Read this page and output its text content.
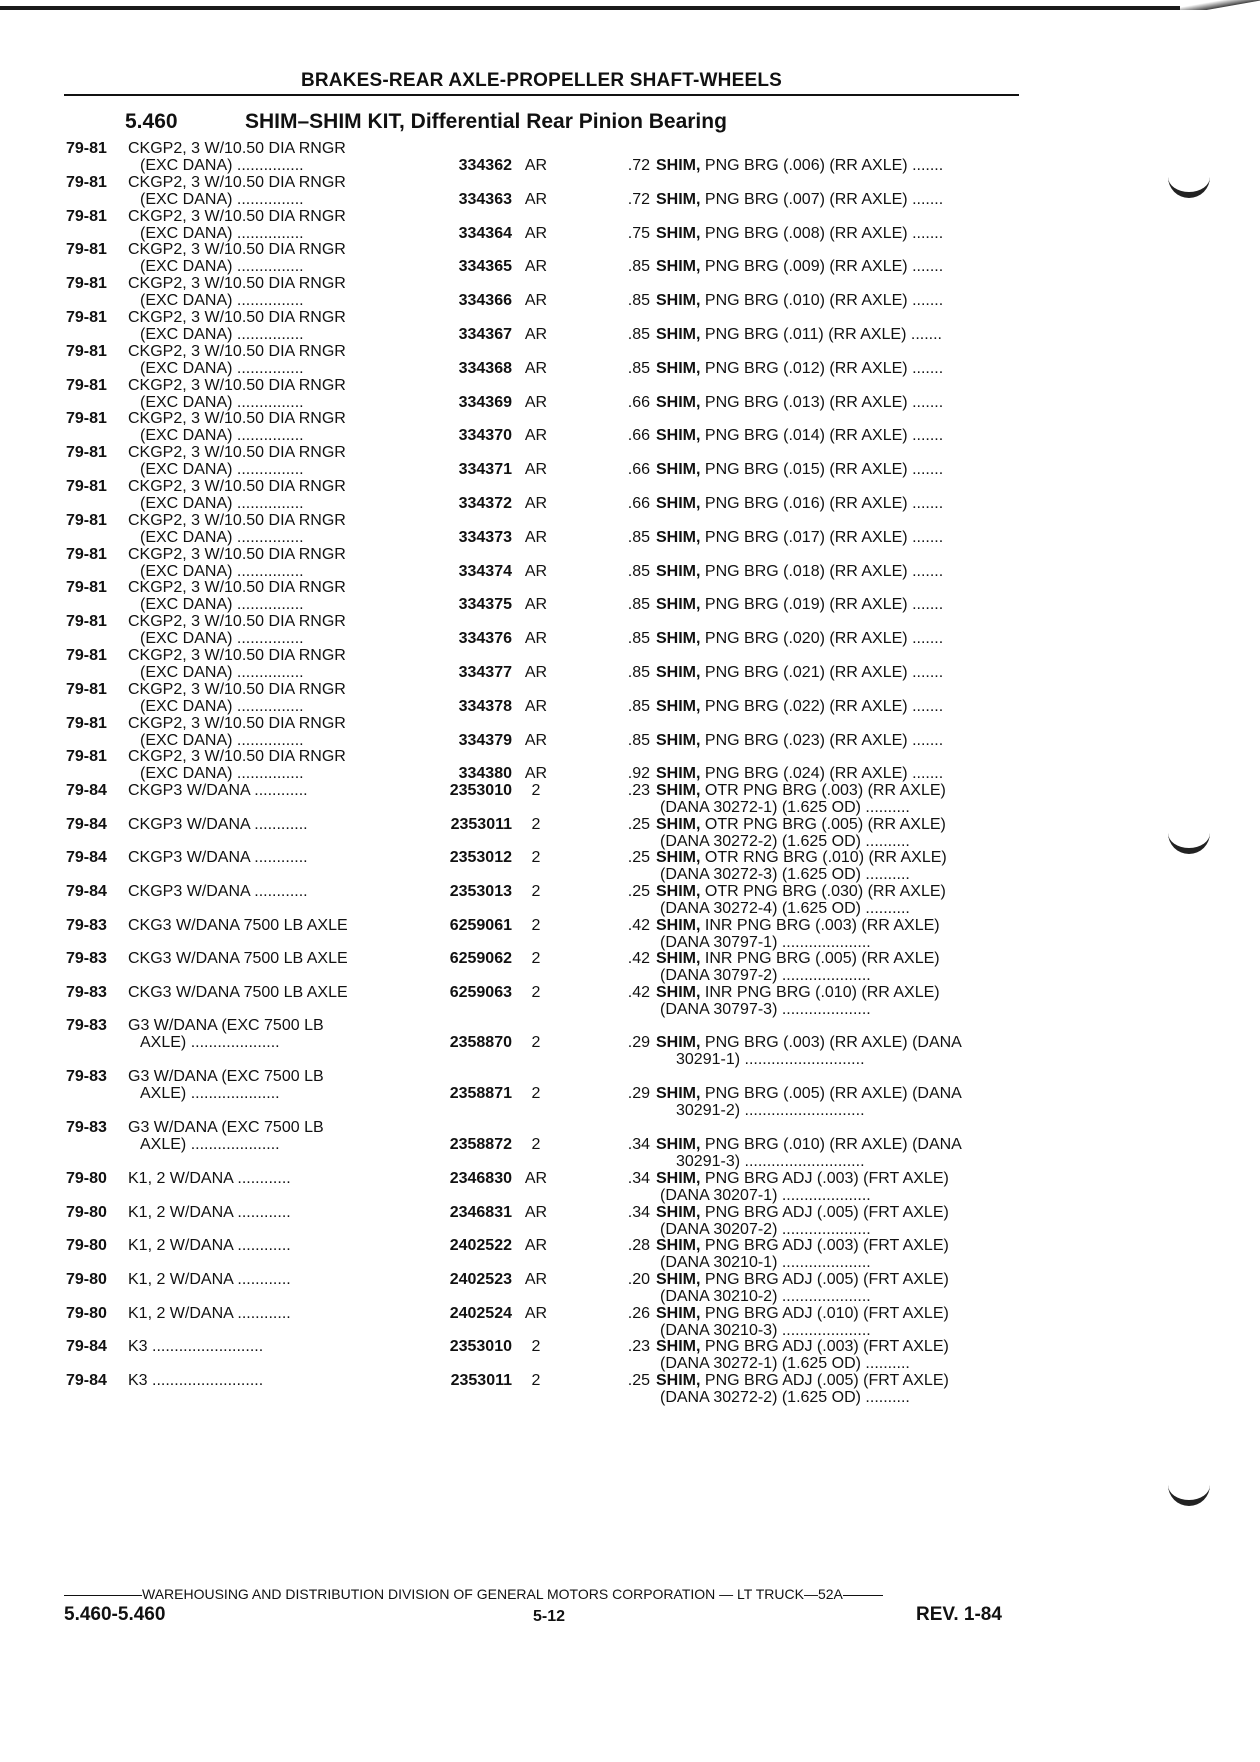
BRAKES-REAR AXLE-PROPELLER SHAFT-WHEELS
5.460	SHIM–SHIM KIT, Differential Rear Pinion Bearing
79-81 CKGP2, 3 W/10.50 DIA RNGR
(EXC DANA) ...............	334362 AR	.72 SHIM, PNG BRG (.006) (RR AXLE) .......
79-81 CKGP2, 3 W/10.50 DIA RNGR
(EXC DANA) ...............	334363 AR	.72 SHIM, PNG BRG (.007) (RR AXLE) .......
79-81 CKGP2, 3 W/10.50 DIA RNGR
(EXC DANA) ...............	334364 AR	.75 SHIM, PNG BRG (.008) (RR AXLE) .......
79-81 CKGP2, 3 W/10.50 DIA RNGR
(EXC DANA) ...............	334365 AR	.85 SHIM, PNG BRG (.009) (RR AXLE) .......
79-81 CKGP2, 3 W/10.50 DIA RNGR
(EXC DANA) ...............	334366 AR	.85 SHIM, PNG BRG (.010) (RR AXLE) .......
79-81 CKGP2, 3 W/10.50 DIA RNGR
(EXC DANA) ...............	334367 AR	.85 SHIM, PNG BRG (.011) (RR AXLE) .......
79-81 CKGP2, 3 W/10.50 DIA RNGR
(EXC DANA) ...............	334368 AR	.85 SHIM, PNG BRG (.012) (RR AXLE) .......
79-81 CKGP2, 3 W/10.50 DIA RNGR
(EXC DANA) ...............	334369 AR	.66 SHIM, PNG BRG (.013) (RR AXLE) .......
79-81 CKGP2, 3 W/10.50 DIA RNGR
(EXC DANA) ...............	334370 AR	.66 SHIM, PNG BRG (.014) (RR AXLE) .......
79-81 CKGP2, 3 W/10.50 DIA RNGR
(EXC DANA) ...............	334371 AR	.66 SHIM, PNG BRG (.015) (RR AXLE) .......
79-81 CKGP2, 3 W/10.50 DIA RNGR
(EXC DANA) ...............	334372 AR	.66 SHIM, PNG BRG (.016) (RR AXLE) .......
79-81 CKGP2, 3 W/10.50 DIA RNGR
(EXC DANA) ...............	334373 AR	.85 SHIM, PNG BRG (.017) (RR AXLE) .......
79-81 CKGP2, 3 W/10.50 DIA RNGR
(EXC DANA) ...............	334374 AR	.85 SHIM, PNG BRG (.018) (RR AXLE) .......
79-81 CKGP2, 3 W/10.50 DIA RNGR
(EXC DANA) ...............	334375 AR	.85 SHIM, PNG BRG (.019) (RR AXLE) .......
79-81 CKGP2, 3 W/10.50 DIA RNGR
(EXC DANA) ...............	334376 AR	.85 SHIM, PNG BRG (.020) (RR AXLE) .......
79-81 CKGP2, 3 W/10.50 DIA RNGR
(EXC DANA) ...............	334377 AR	.85 SHIM, PNG BRG (.021) (RR AXLE) .......
79-81 CKGP2, 3 W/10.50 DIA RNGR
(EXC DANA) ...............	334378 AR	.85 SHIM, PNG BRG (.022) (RR AXLE) .......
79-81 CKGP2, 3 W/10.50 DIA RNGR
(EXC DANA) ...............	334379 AR	.85 SHIM, PNG BRG (.023) (RR AXLE) .......
79-81 CKGP2, 3 W/10.50 DIA RNGR
(EXC DANA) ...............	334380 AR	.92 SHIM, PNG BRG (.024) (RR AXLE) .......
79-84 CKGP3 W/DANA ............	2353010	2	.23 SHIM, OTR PNG BRG (.003) (RR AXLE)
(DANA 30272-1) (1.625 OD) ..........
79-84 CKGP3 W/DANA ............	2353011	2	.25 SHIM, OTR PNG BRG (.005) (RR AXLE)
(DANA 30272-2) (1.625 OD) ..........
79-84 CKGP3 W/DANA ............	2353012	2	.25 SHIM, OTR RNG BRG (.010) (RR AXLE)
(DANA 30272-3) (1.625 OD) ..........
79-84 CKGP3 W/DANA ............	2353013	2	.25 SHIM, OTR PNG BRG (.030) (RR AXLE)
(DANA 30272-4) (1.625 OD) ..........
79-83 CKG3 W/DANA 7500 LB AXLE	6259061	2	.42 SHIM, INR PNG BRG (.003) (RR AXLE)
(DANA 30797-1) ....................
79-83 CKG3 W/DANA 7500 LB AXLE	6259062	2	.42 SHIM, INR PNG BRG (.005) (RR AXLE)
(DANA 30797-2) ....................
79-83 CKG3 W/DANA 7500 LB AXLE	6259063	2	.42 SHIM, INR PNG BRG (.010) (RR AXLE)
(DANA 30797-3) ....................
79-83 G3 W/DANA (EXC 7500 LB
AXLE) ....................	2358870	2	.29 SHIM, PNG BRG (.003) (RR AXLE) (DANA
30291-1) ...........................
79-83 G3 W/DANA (EXC 7500 LB
AXLE) ....................	2358871	2	.29 SHIM, PNG BRG (.005) (RR AXLE) (DANA
30291-2) ...........................
79-83 G3 W/DANA (EXC 7500 LB
AXLE) ....................	2358872	2	.34 SHIM, PNG BRG (.010) (RR AXLE) (DANA
30291-3) ...........................
79-80 K1, 2 W/DANA ............	2346830 AR	.34 SHIM, PNG BRG ADJ (.003) (FRT AXLE)
(DANA 30207-1) ....................
79-80 K1, 2 W/DANA ............	2346831 AR	.34 SHIM, PNG BRG ADJ (.005) (FRT AXLE)
(DANA 30207-2) ....................
79-80 K1, 2 W/DANA ............	2402522 AR	.28 SHIM, PNG BRG ADJ (.003) (FRT AXLE)
(DANA 30210-1) ....................
79-80 K1, 2 W/DANA ............	2402523 AR	.20 SHIM, PNG BRG ADJ (.005) (FRT AXLE)
(DANA 30210-2) ....................
79-80 K1, 2 W/DANA ............	2402524 AR	.26 SHIM, PNG BRG ADJ (.010) (FRT AXLE)
(DANA 30210-3) ....................
79-84 K3 .........................	2353010	2	.23 SHIM, PNG BRG ADJ (.003) (FRT AXLE)
(DANA 30272-1) (1.625 OD) ..........
79-84 K3 .........................	2353011	2	.25 SHIM, PNG BRG ADJ (.005) (FRT AXLE)
(DANA 30272-2) (1.625 OD) ..........
WAREHOUSING AND DISTRIBUTION DIVISION OF GENERAL MOTORS CORPORATION — LT TRUCK—52A
5.460-5.460	5-12	REV. 1-84
